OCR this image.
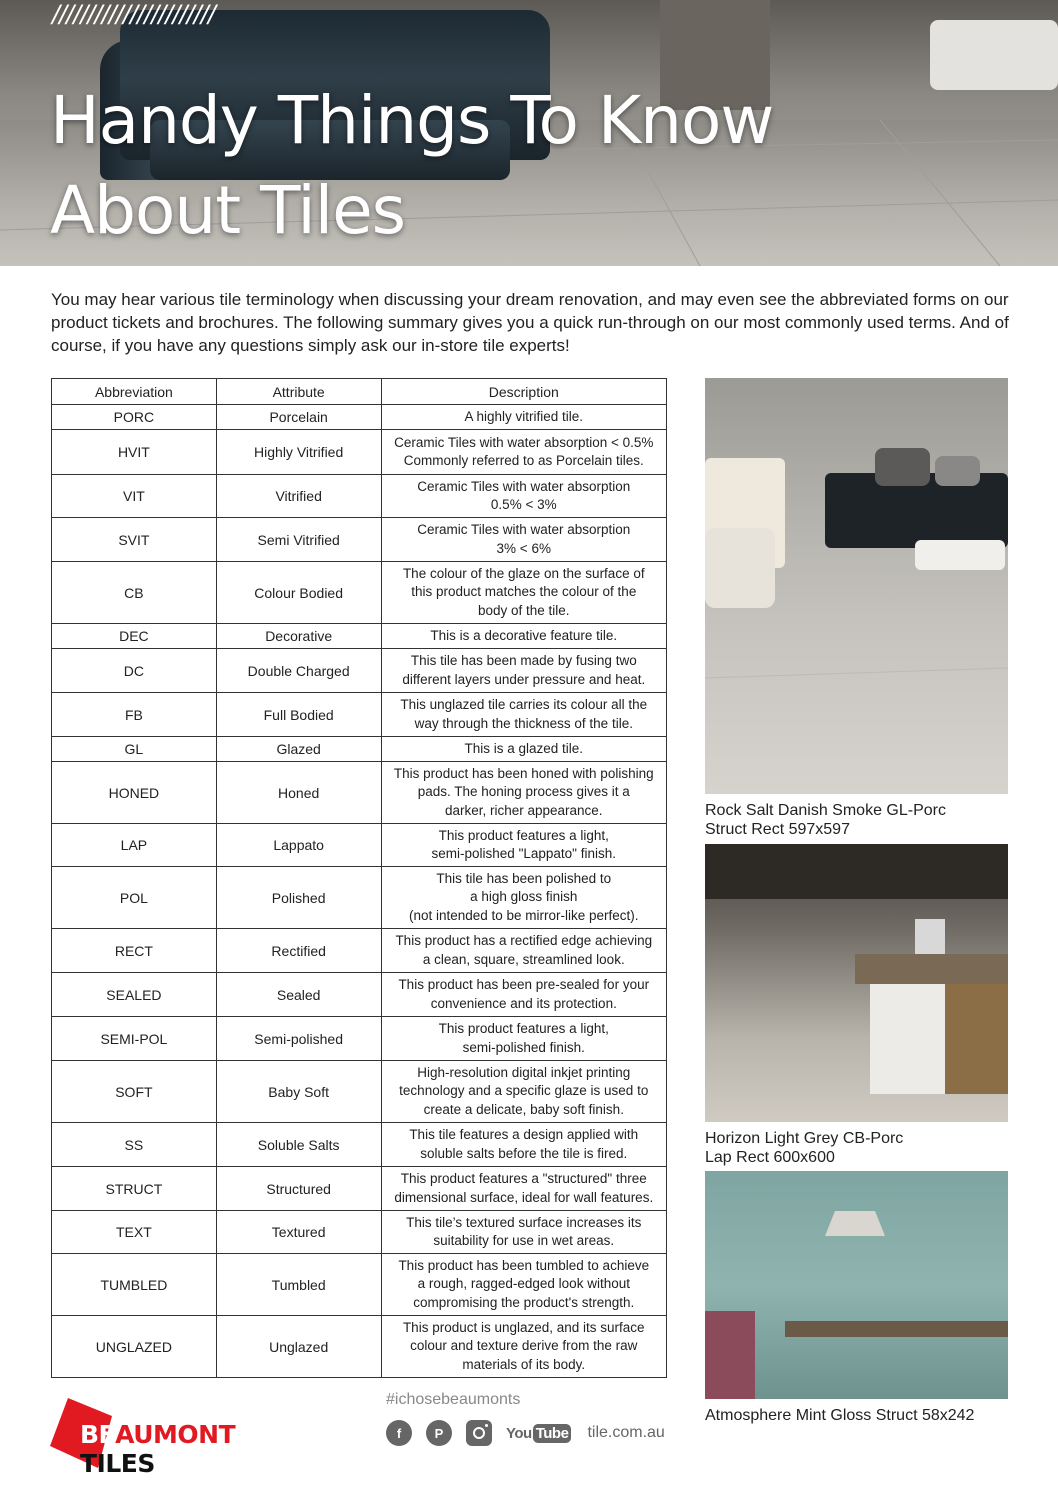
///////////////////////
Handy Things To Know
About Tiles

You may hear various tile terminology when discussing your dream renovation, and may even see the abbreviated forms on our product tickets and brochures. The following summary gives you a quick run-through on our most commonly used terms. And of course, if you have any questions simply ask our in-store tile experts!

Abbreviation	Attribute	Description
PORC	Porcelain	A highly vitrified tile.
HVIT	Highly Vitrified	Ceramic Tiles with water absorption < 0.5%
Commonly referred to as Porcelain tiles.
VIT	Vitrified	Ceramic Tiles with water absorption
0.5% < 3%
SVIT	Semi Vitrified	Ceramic Tiles with water absorption
3% < 6%
CB	Colour Bodied	The colour of the glaze on the surface of
this product matches the colour of the
body of the tile.
DEC	Decorative	This is a decorative feature tile.
DC	Double Charged	This tile has been made by fusing two
different layers under pressure and heat.
FB	Full Bodied	This unglazed tile carries its colour all the
way through the thickness of the tile.
GL	Glazed	This is a glazed tile.
HONED	Honed	This product has been honed with polishing
pads. The honing process gives it a
darker, richer appearance.
LAP	Lappato	This product features a light,
semi-polished "Lappato" finish.
POL	Polished	This tile has been polished to
a high gloss finish
(not intended to be mirror-like perfect).
RECT	Rectified	This product has a rectified edge achieving
a clean, square, streamlined look.
SEALED	Sealed	This product has been pre-sealed for your
convenience and its protection.
SEMI-POL	Semi-polished	This product features a light,
semi-polished finish.
SOFT	Baby Soft	High-resolution digital inkjet printing
technology and a specific glaze is used to
create a delicate, baby soft finish.
SS	Soluble Salts	This tile features a design applied with
soluble salts before the tile is fired.
STRUCT	Structured	This product features a "structured" three
dimensional surface, ideal for wall features.
TEXT	Textured	This tile’s textured surface increases its
suitability for use in wet areas.
TUMBLED	Tumbled	This product has been tumbled to achieve
a rough, ragged-edged look without
compromising the product's strength.
UNGLAZED	Unglazed	This product is unglazed, and its surface
colour and texture derive from the raw
materials of its body.
Rock Salt Danish Smoke GL-Porc
Struct Rect 597x597
Horizon Light Grey CB-Porc
Lap Rect 600x600
Atmosphere Mint Gloss Struct 58x242
BEAUMONT TILES
#ichosebeaumonts
f	P	You Tube tile.com.au
